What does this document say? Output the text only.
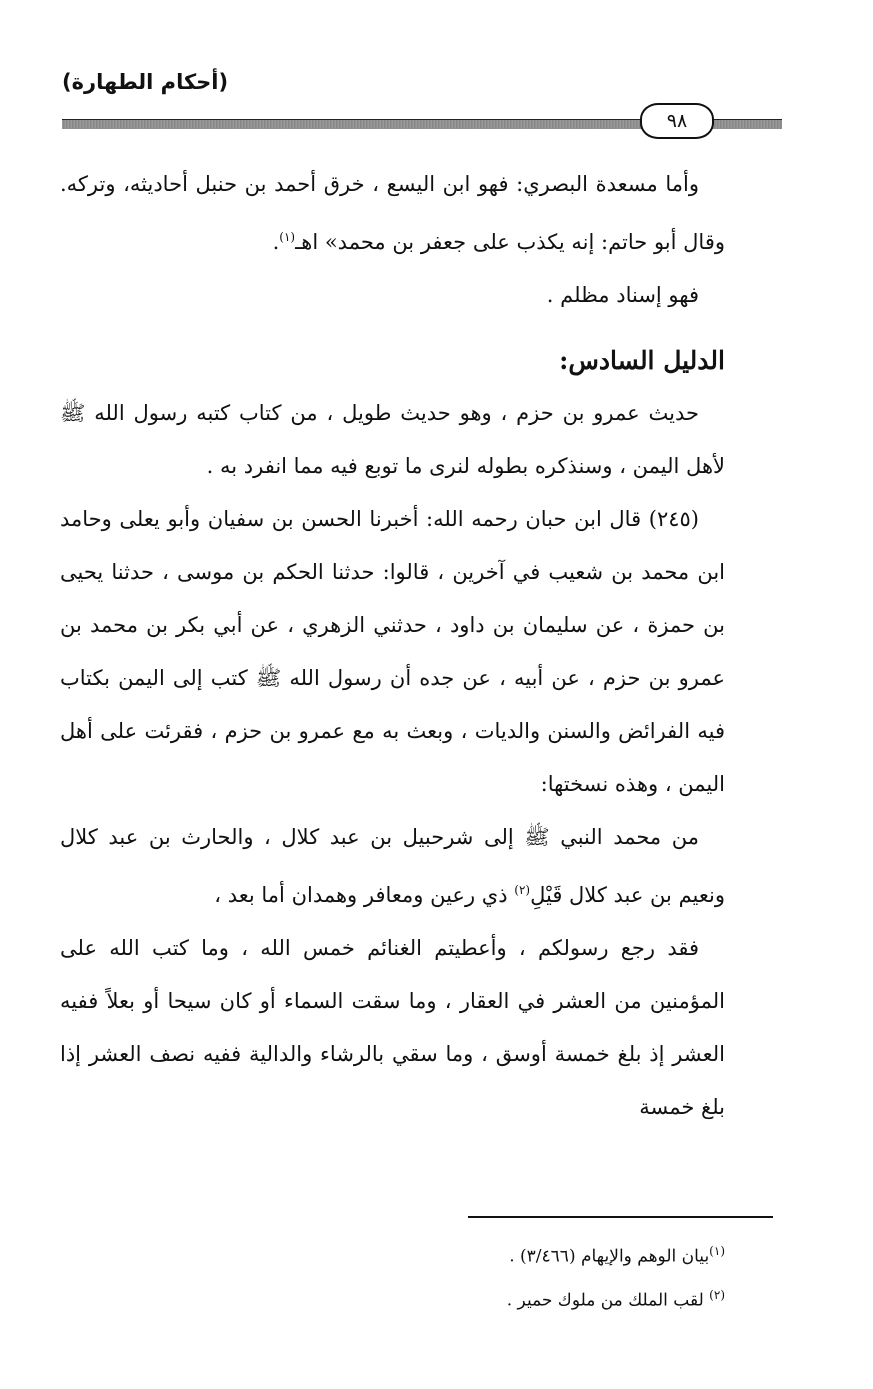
(أحكام الطهارة)
٩٨

وأما مسعدة البصري: فهو ابن اليسع ، خرق أحمد بن حنبل أحاديثه، وتركه. وقال أبو حاتم: إنه يكذب على جعفر بن محمد» اهـ$^{(١)}$.

فهو إسناد مظلم .

الدليل السادس:

حديث عمرو بن حزم ، وهو حديث طويل ، من كتاب كتبه رسول الله ﷺ لأهل اليمن ، وسنذكره بطوله لنرى ما توبع فيه مما انفرد به .

(٢٤٥) قال ابن حبان رحمه الله: أخبرنا الحسن بن سفيان وأبو يعلى وحامد ابن محمد بن شعيب في آخرين ، قالوا: حدثنا الحكم بن موسى ، حدثنا يحيى بن حمزة ، عن سليمان بن داود ، حدثني الزهري ، عن أبي بكر بن محمد بن عمرو بن حزم ، عن أبيه ، عن جده أن رسول الله ﷺ كتب إلى اليمن بكتاب فيه الفرائض والسنن والديات ، وبعث به مع عمرو بن حزم ، فقرئت على أهل اليمن ، وهذه نسختها:

من محمد النبي ﷺ إلى شرحبيل بن عبد كلال ، والحارث بن عبد كلال ونعيم بن عبد كلال قَيْلِ$^{(٢)}$ ذي رعين ومعافر وهمدان أما بعد ،

فقد رجع رسولكم ، وأعطيتم الغنائم خمس الله ، وما كتب الله على المؤمنين من العشر في العقار ، وما سقت السماء أو كان سيحا أو بعلاً ففيه العشر إذ بلغ خمسة أوسق ، وما سقي بالرشاء والدالية ففيه نصف العشر إذا بلغ خمسة

$^{(١)}$بيان الوهم والإيهام (٣/٤٦٦) .

$^{(٢)}$ لقب الملك من ملوك حمير .
